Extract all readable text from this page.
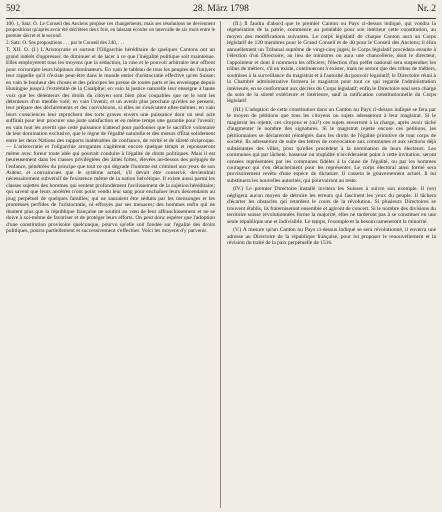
592	28. März 1798	Nr. 2

106. 1. Satz: O. Le Conseil des Anciens propose ces changements; mais ses résolutions ne deviennent propositions qu'après avoir été décrétées deux fois, en laissant écouler un intervalle de six mois entre le premier décret et le second.

2. Satz: O. Ses propositions . . . par le Conseil des 240, . . .

T. XII. O. (I.) L'Aristocratie et surtout l'Oligarchie héréditaire de quelques Cantons ont un grand intérêt d'oppresser, de diminuer et de lacer à ce que l'inégalité politique soit maintenue. Elles employèrent tous les moyens que la séduction, la ruse et le pouvoir arbitraire leur offrent pour corrompre leurs hôpitaux dominateurs. En vain le tableau de tous les peuples de l'univers leur rappelle qu'il n'existe peut-être dans le monde entier d'aristocratie effective qu'en Suisse; en vain le bonheur des choses et des principes les presse de toutes parts et les enveloppe depuis Huningue jusqu'à l'extrémité de la Cisalpine; en vain la justice naturelle leur enseigne à haute voix que les détenteurs des droits du citoyen sont bien plus coupables que ne le sont les détenteurs d'un meuble volé; en vain l'avenir, et un avenir plus prochain qu'elles ne pensent, leur prépare des déchirements et des convulsions, si elles ne s'exécutent elles-mêmes; en vain leurs consciences leur reprochent des torts graves envers une puissance dont un seul acte suffirait pour leur procurer une juste satisfaction et en même temps une garantie pour l'avenir; en vain tout les avertit que cette puissance n'attend pour pardonner que le sacrifice volontaire de leur domination exclusive, que le règne de l'égalité naturelle et des mœurs d'État solidement entre les deux Nations des rapports inaltérables de confiance, de vérité et de sûreté réciproque. — L'aristocratie et l'oligarchie arrogantes s'agitèrent encore quelque temps et repousseront même avec fureur toute idée qui pourrait conduire à l'égalité de droits politiques. Mais il est heureusement dans les classes privilégiées des âmes fortes, élevées au-dessus des préjugés de l'enfance, pénétrées du principe que tout ce qui dégrade l'homme est criminel aux yeux de son Auteur, et convaincues que le système actuel, s'il devait être conservé, deviendrait nécessairement subversif de l'existence même de la nation helvétique. Il existe aussi parmi les classes sujettes des hommes qui sentent profondément l'avilissement de la sujétion héréditaire; qui savent que leurs ancêtres n'ont point vendu leur sang pour enchaîner leurs descendants au joug perpétuel de quelques familles; qui ne sauraient être séduits par les mensonges et les promesses perfides de l'aristocratie, ni effrayés par ses menaces; des hommes enfin qui ne doutent plus que la république française ne soutint au vœu de leur affranchissement et ne se doive à soi-même de favoriser et de protéger leurs efforts. On peut donc espérer que l'adoption d'une constitution provisoire quelconque, pourvu qu'elle soit fondée sur l'égalité des droits politiques, pourra partiellement et successivement s'effectuer. Voici les moyens d'y parvenir.

(II.) Il faudra d'abord que le premier Canton ou Pays ci-dessus indiqué, qui voudra la régénération de la patrie, commence au préalable pour son intérieur cette constitution, au moyen des modifications suivantes. Le corps législatif de chaque Canton aura un Corps législatif de 120 membres pour le Grand Conseil et de 40 pour le Conseil des Anciens; il élira annuellement un Tribunal suprême de vingt-cinq juges; le Corps législatif procédera ensuite à l'élection d'un Directoire; au lieu de ministres on aura une chancellerie, dont le directeur, l'appointeur et dont il nommera les officiers; l'élection d'un préfet national sera suspendue; les tribus de métiers, s'il en existe, continueront à exister, mais ne seront que des tribus de métiers, soumises à la surveillance du magistrat et à l'autorité du pouvoir législatif; le Directoire réuni à la Chambre administrative formera le magistrat pour tout ce qui regarde l'administration intérieure, en se conformant aux décrets du Corps législatif; enfin le Directoire seul sera chargé du soin de la sûreté extérieure et intérieure, sauf la ratification constitutionnelle du Corps législatif.

(III.) L'adoption de cette constitution dans un Canton ou Pays ci-dessus indiqué se fera par le moyen de pétitions que tous les citoyens ou sujets adresseront à leur magistrat. Si le magistrat les rejette, ces citoyens et (ou?) ces sujets enverront à la charge, après avoir tâché d'augmenter le nombre des signatures. Si le magistrat rejette encore ces pétitions, les pétitionnaires se déclareront réintégrés dans les droits de l'égalité primitive de tout corps de société. Ils adresseront de suite des lettres de convocation aux communes et aux sections déjà subsistantes des villes, pour qu'elles procèdent à la nomination de leurs électeurs. Les communes qui par lâcheté, bassesse ou stupidité n'accéderaient point à cette invitation, seront censées représentées par les communes fidèles à la cause de l'égalité, ou par les hommes courageux qui s'en détacheraient pour les représenter. Le corps électoral ainsi formé sera provisoirement revêtu d'une espèce de dictature. Il cassera le gouvernement actuel. Il lui substituera les nouvelles autorités, qui pourvoiront au reste.

(IV.) Le premier Directoire installé invitera les Suisses à suivre son exemple. Il (on) négligera aucun moyen de détruire les erreurs qui fascinent les yeux du peuple. Il tâchera d'écarter les obstacles qui retardent le cours de la révolution. Si plusieurs Directoires se trouvent établis, ils fraterniseront ensemble et agiront de concert. Si le nombre des divisions du territoire suisse révolutionnées forme la majorité, elles ne tarderont pas à se constituer en une seule république une et indivisible. Le temps, l'exemple et la besoin rameneront la minorité.

(V.) A mesure qu'un Canton ou Pays ci-dessus indiqué se sera révolutionné, il enverra une adresse au Directoire de la république française, pour lui proposer le renouvellement et la révision du traité de la paix perpétuelle de 1516.
